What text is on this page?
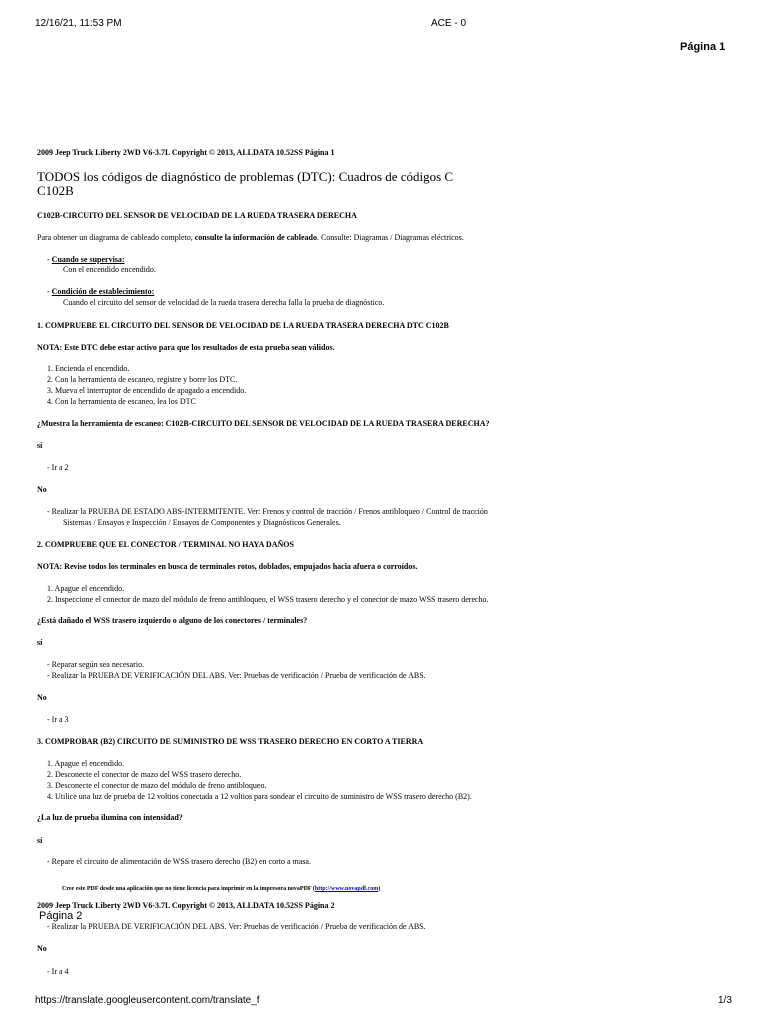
12/16/21, 11:53 PM	ACE - 0
Página 1
2009 Jeep Truck Liberty 2WD V6-3.7L Copyright © 2013, ALLDATA 10.52SS Página 1
TODOS los códigos de diagnóstico de problemas (DTC): Cuadros de códigos C
C102B
C102B-CIRCUITO DEL SENSOR DE VELOCIDAD DE LA RUEDA TRASERA DERECHA
Para obtener un diagrama de cableado completo, consulte la información de cableado. Consulte: Diagramas / Diagramas eléctricos.
- Cuando se supervisa:
Con el encendido encendido.
- Condición de establecimiento:
Cuando el circuito del sensor de velocidad de la rueda trasera derecha falla la prueba de diagnóstico.
1. COMPRUEBE EL CIRCUITO DEL SENSOR DE VELOCIDAD DE LA RUEDA TRASERA DERECHA DTC C102B
NOTA: Este DTC debe estar activo para que los resultados de esta prueba sean válidos.
1. Encienda el encendido.
2. Con la herramienta de escaneo, registre y borre los DTC.
3. Mueva el interruptor de encendido de apagado a encendido.
4. Con la herramienta de escaneo, lea los DTC
¿Muestra la herramienta de escaneo: C102B-CIRCUITO DEL SENSOR DE VELOCIDAD DE LA RUEDA TRASERA DERECHA?
sí
- Ir a 2
No
- Realizar la PRUEBA DE ESTADO ABS-INTERMITENTE. Ver: Frenos y control de tracción / Frenos antibloqueo / Control de tracción
Sistemas / Ensayos e Inspección / Ensayos de Componentes y Diagnósticos Generales.
2. COMPRUEBE QUE EL CONECTOR / TERMINAL NO HAYA DAÑOS
NOTA: Revise todos los terminales en busca de terminales rotos, doblados, empujados hacia afuera o corroídos.
1. Apague el encendido.
2. Inspeccione el conector de mazo del módulo de freno antibloqueo, el WSS trasero derecho y el conector de mazo WSS trasero derecho.
¿Está dañado el WSS trasero izquierdo o alguno de los conectores / terminales?
sí
- Reparar según sea necesario.
- Realizar la PRUEBA DE VERIFICACIÓN DEL ABS. Ver: Pruebas de verificación / Prueba de verificación de ABS.
No
- Ir a 3
3. COMPROBAR (B2) CIRCUITO DE SUMINISTRO DE WSS TRASERO DERECHO EN CORTO A TIERRA
1. Apague el encendido.
2. Desconecte el conector de mazo del WSS trasero derecho.
3. Desconecte el conector de mazo del módulo de freno antibloqueo.
4. Utilice una luz de prueba de 12 voltios conectada a 12 voltios para sondear el circuito de suministro de WSS trasero derecho (B2).
¿La luz de prueba ilumina con intensidad?
sí
- Repare el circuito de alimentación de WSS trasero derecho (B2) en corto a masa.
Cree este PDF desde una aplicación que no tiene licencia para imprimir en la impresora novaPDF (http://www.novapdf.com)
2009 Jeep Truck Liberty 2WD V6-3.7L Copyright © 2013, ALLDATA 10.52SS Página 2
Página 2
- Realizar la PRUEBA DE VERIFICACIÓN DEL ABS. Ver: Pruebas de verificación / Prueba de verificación de ABS.
No
- Ir a 4
https://translate.googleusercontent.com/translate_f	1/3
